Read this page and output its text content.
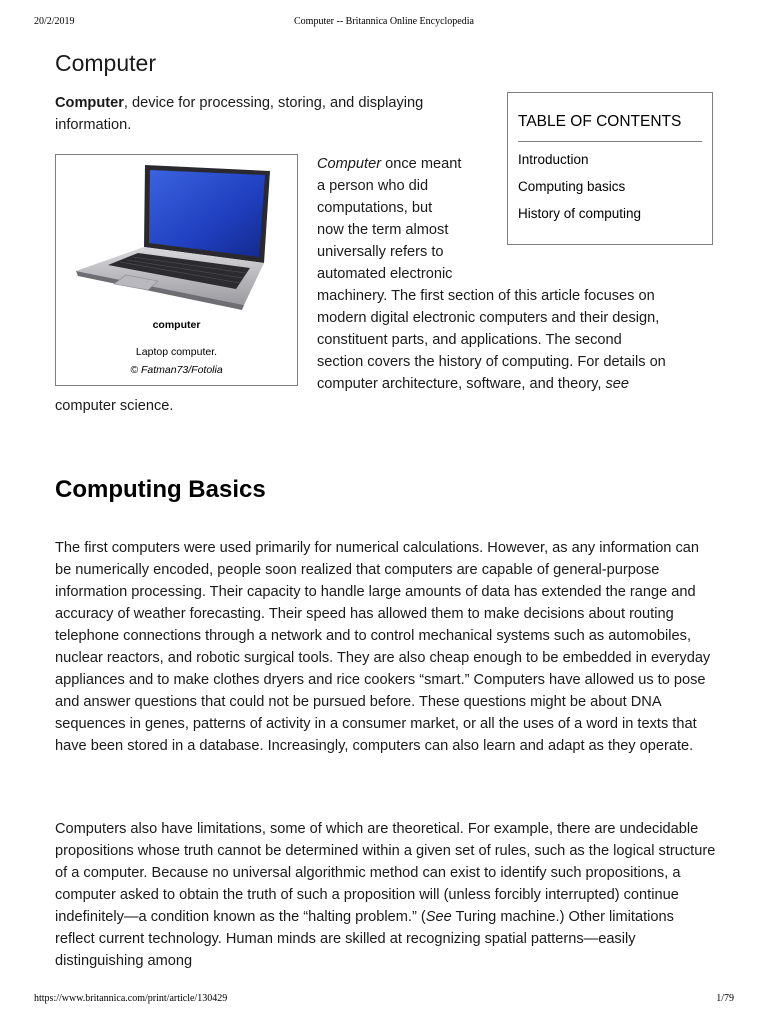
20/2/2019	Computer -- Britannica Online Encyclopedia
Computer

Computer, device for processing, storing, and displaying information.	TABLE OF CONTENTS
Introduction
Computing basics
History of computing
computer
Laptop computer.
© Fatman73/Fotolia
Computer once meant
a person who did
computations, but
now the term almost
universally refers to
automated electronic
machinery. The first section of this article focuses on
modern digital electronic computers and their design,
constituent parts, and applications. The second
section covers the history of computing. For details on
computer architecture, software, and theory, see

computer science.

Computing Basics

The first computers were used primarily for numerical calculations. However, as any information can be numerically encoded, people soon realized that computers are capable of general-purpose information processing. Their capacity to handle large amounts of data has extended the range and accuracy of weather forecasting. Their speed has allowed them to make decisions about routing telephone connections through a network and to control mechanical systems such as automobiles, nuclear reactors, and robotic surgical tools. They are also cheap enough to be embedded in everyday appliances and to make clothes dryers and rice cookers “smart.” Computers have allowed us to pose and answer questions that could not be pursued before. These questions might be about DNA sequences in genes, patterns of activity in a consumer market, or all the uses of a word in texts that have been stored in a database. Increasingly, computers can also learn and adapt as they operate.

Computers also have limitations, some of which are theoretical. For example, there are undecidable propositions whose truth cannot be determined within a given set of rules, such as the logical structure of a computer. Because no universal algorithmic method can exist to identify such propositions, a computer asked to obtain the truth of such a proposition will (unless forcibly interrupted) continue indefinitely—a condition known as the “halting problem.” (See Turing machine.) Other limitations reflect current technology. Human minds are skilled at recognizing spatial patterns—easily distinguishing among

https://www.britannica.com/print/article/130429	1/79
